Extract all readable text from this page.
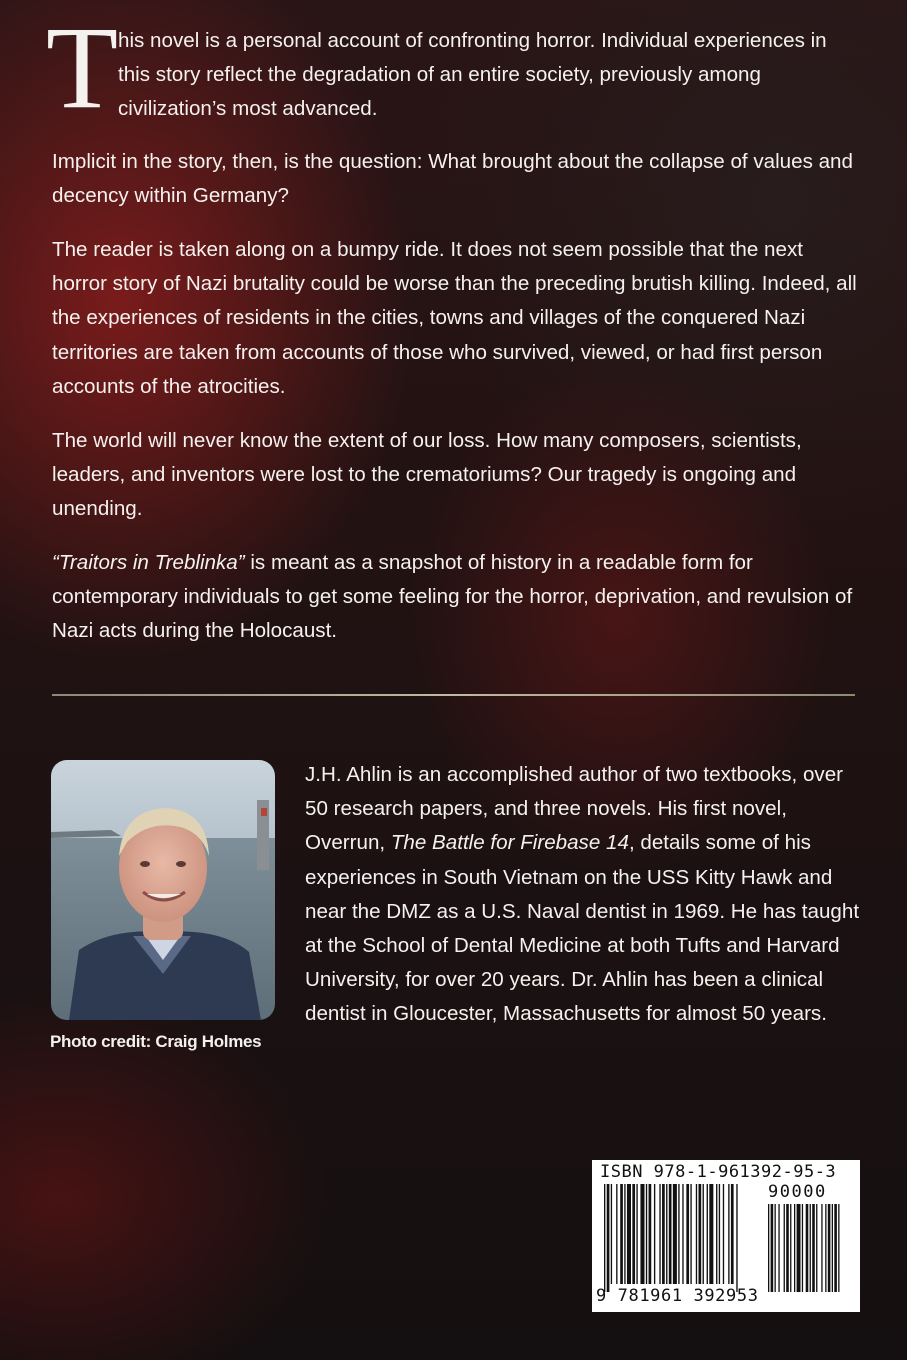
T his novel is a personal account of confronting horror. Individual experiences in this story reflect the degradation of an entire society, previously among civilization’s most advanced.

Implicit in the story, then, is the question: What brought about the collapse of values and decency within Germany?

The reader is taken along on a bumpy ride. It does not seem possible that the next horror story of Nazi brutality could be worse than the preceding brutish killing. Indeed, all the experiences of residents in the cities, towns and villages of the conquered Nazi territories are taken from accounts of those who survived, viewed, or had first person accounts of the atrocities.

The world will never know the extent of our loss. How many composers, scientists, leaders, and inventors were lost to the crematoriums? Our tragedy is ongoing and unending.

“Traitors in Treblinka” is meant as a snapshot of history in a readable form for contemporary individuals to get some feeling for the horror, deprivation, and revulsion of Nazi acts during the Holocaust.

Photo credit: Craig Holmes

J.H. Ahlin is an accomplished author of two textbooks, over 50 research papers, and three novels. His first novel, Overrun, The Battle for Firebase 14, details some of his experiences in South Vietnam on the USS Kitty Hawk and near the DMZ as a U.S. Naval dentist in 1969. He has taught at the School of Dental Medicine at both Tufts and Harvard University, for over 20 years. Dr. Ahlin has been a clinical dentist in Gloucester, Massachusetts for almost 50 years.

ISBN 978-1-961392-95-3
90000
9 781961 392953
